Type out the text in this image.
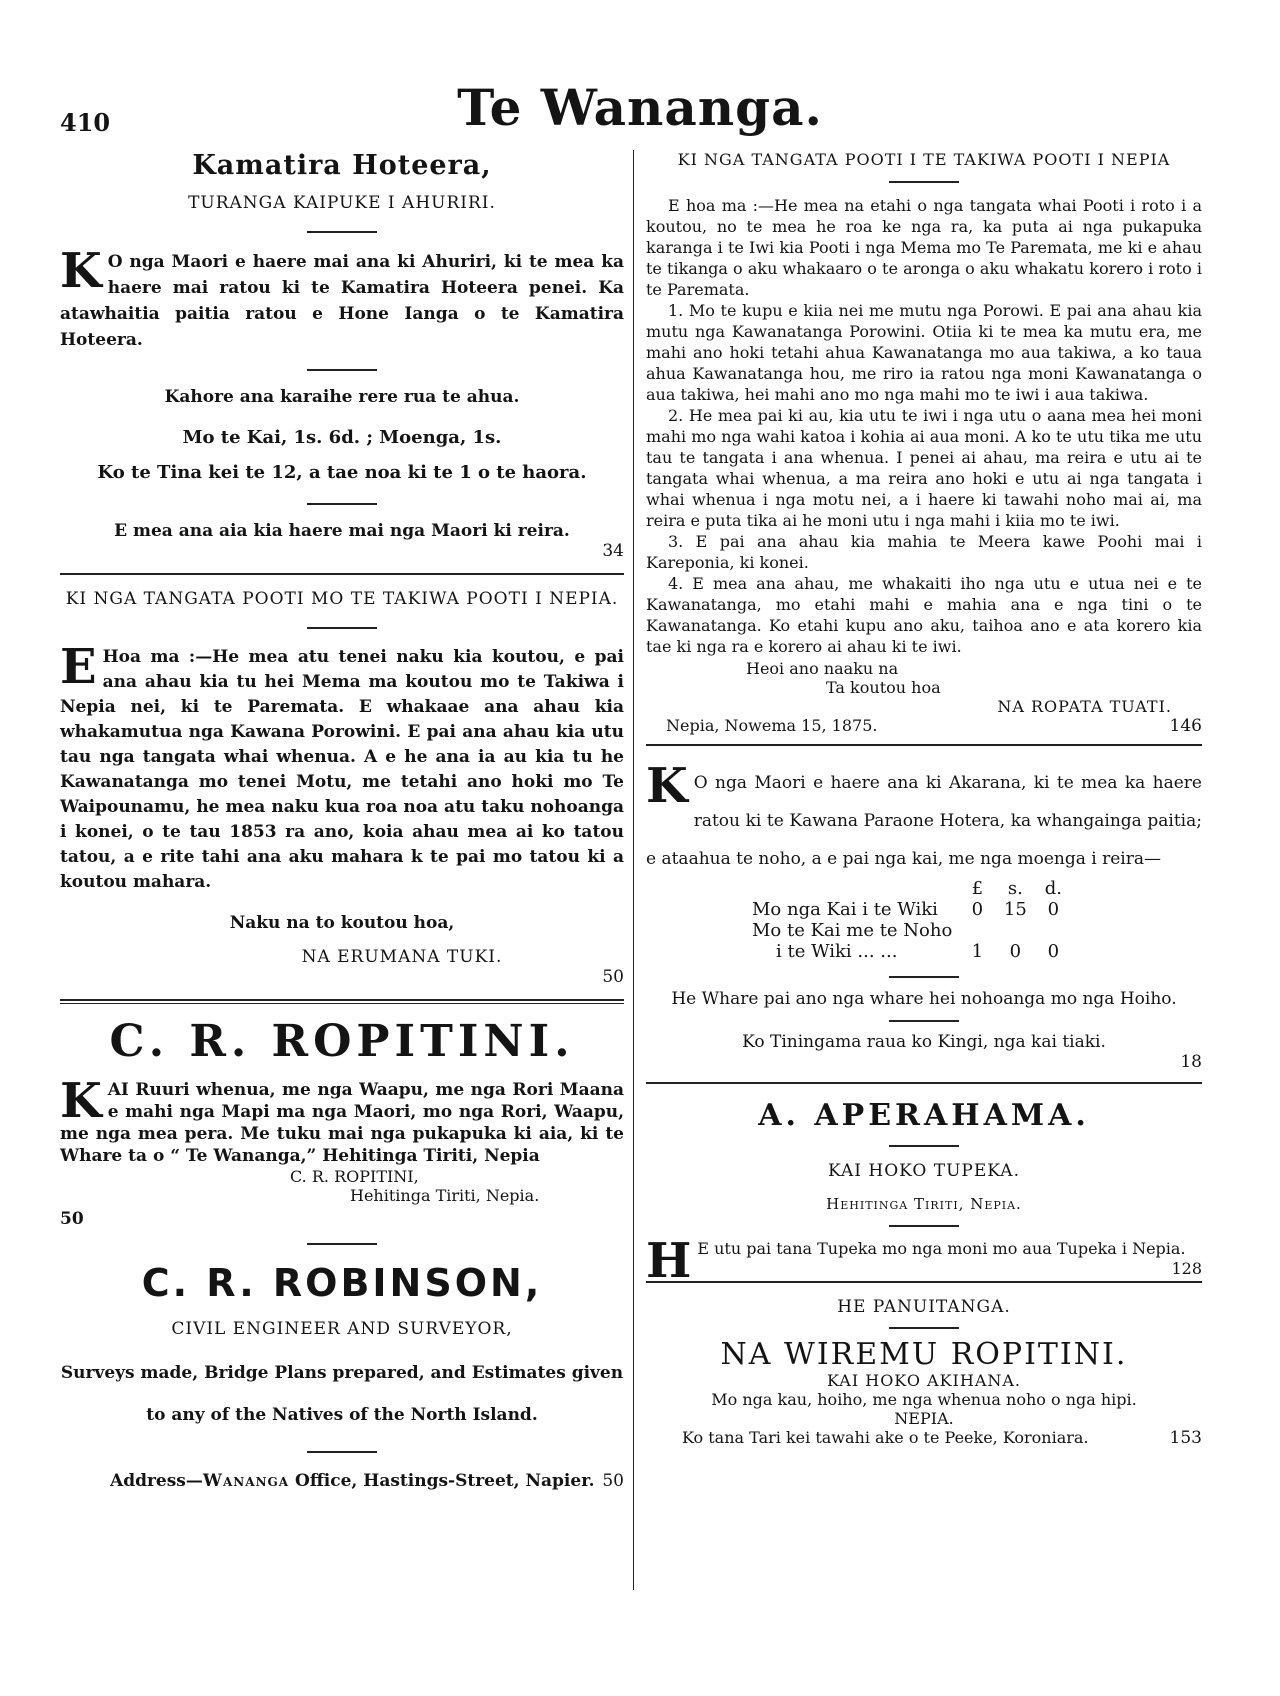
410	Te Wananga.
Kamatira Hoteera,
TURANGA KAIPUKE I AHURIRI.
K O nga Maori e haere mai ana ki Ahuriri, ki te mea ka haere mai ratou ki te Kamatira Hoteera penei. Ka atawhaitia paitia ratou e Hone Ianga o te Kamatira Hoteera.

Kahore ana karaihe rere rua te ahua.

Mo te Kai, 1s. 6d. ; Moenga, 1s.

Ko te Tina kei te 12, a tae noa ki te 1 o te haora.

E mea ana aia kia haere mai nga Maori ki reira.

34

KI NGA TANGATA POOTI MO TE TAKIWA POOTI I NEPIA.
E Hoa ma :—He mea atu tenei naku kia koutou, e pai ana ahau kia tu hei Mema ma koutou mo te Takiwa i Nepia nei, ki te Paremata. E whakaae ana ahau kia whakamutua nga Kawana Porowini. E pai ana ahau kia utu tau nga tangata whai whenua. A e he ana ia au kia tu he Kawanatanga mo tenei Motu, me tetahi ano hoki mo Te Waipounamu, he mea naku kua roa noa atu taku nohoanga i konei, o te tau 1853 ra ano, koia ahau mea ai ko tatou tatou, a e rite tahi ana aku mahara k te pai mo tatou ki a koutou mahara.

Naku na to koutou hoa,

NA ERUMANA TUKI.

50

C. R. ROPITINI.
KAI Ruuri whenua, me nga Waapu, me nga Rori Maana e mahi nga Mapi ma nga Maori, mo nga Rori, Waapu, me nga mea pera. Me tuku mai nga pukapuka ki aia, ki te Whare ta o “ Te Wananga,” Hehitinga Tiriti, Nepia

C. R. ROPITINI,

Hehitinga Tiriti, Nepia.

50

C. R. ROBINSON,
CIVIL ENGINEER AND SURVEYOR,

Surveys made, Bridge Plans prepared, and Estimates given

to any of the Natives of the North Island.

Address—Wananga Office, Hastings-Street, Napier. 50
KI NGA TANGATA POOTI I TE TAKIWA POOTI I NEPIA

E hoa ma :—He mea na etahi o nga tangata whai Pooti i roto i a koutou, no te mea he roa ke nga ra, ka puta ai nga pukapuka karanga i te Iwi kia Pooti i nga Mema mo Te Paremata, me ki e ahau te tikanga o aku whakaaro o te aronga o aku whakatu korero i roto i te Paremata.

1. Mo te kupu e kiia nei me mutu nga Porowi. E pai ana ahau kia mutu nga Kawanatanga Porowini. Otiia ki te mea ka mutu era, me mahi ano hoki tetahi ahua Kawanatanga mo aua takiwa, a ko taua ahua Kawanatanga hou, me riro ia ratou nga moni Kawanatanga o aua takiwa, hei mahi ano mo nga mahi mo te iwi i aua takiwa.

2. He mea pai ki au, kia utu te iwi i nga utu o aana mea hei moni mahi mo nga wahi katoa i kohia ai aua moni. A ko te utu tika me utu tau te tangata i ana whenua. I penei ai ahau, ma reira e utu ai te tangata whai whenua, a ma reira ano hoki e utu ai nga tangata i whai whenua i nga motu nei, a i haere ki tawahi noho mai ai, ma reira e puta tika ai he moni utu i nga mahi i kiia mo te iwi.

3. E pai ana ahau kia mahia te Meera kawe Poohi mai i Kareponia, ki konei.

4. E mea ana ahau, me whakaiti iho nga utu e utua nei e te Kawanatanga, mo etahi mahi e mahia ana e nga tini o te Kawanatanga. Ko etahi kupu ano aku, taihoa ano e ata korero kia tae ki nga ra e korero ai ahau ki te iwi.

Heoi ano naaku na

Ta koutou hoa

NA ROPATA TUATI.

Nepia, Nowema 15, 1875.	146
K O nga Maori e haere ana ki Akarana, ki te mea ka haere ratou ki te Kawana Paraone Hotera, ka whangainga paitia; e ataahua te noho, a e pai nga kai, me nga moenga i reira—
	£	s.	d.
Mo nga Kai i te Wiki	0	15	0
Mo te Kai me te Noho			
i te Wiki ... ...	1	0	0

He Whare pai ano nga whare hei nohoanga mo nga Hoiho.

Ko Tiningama raua ko Kingi, nga kai tiaki.

18

A. APERAHAMA.
KAI HOKO TUPEKA.
Hehitinga Tiriti, Nepia.
H E utu pai tana Tupeka mo nga moni mo aua Tupeka i Nepia.
128
HE PANUITANGA.
NA WIREMU ROPITINI.
KAI HOKO AKIHANA.

Mo nga kau, hoiho, me nga whenua noho o nga hipi.

NEPIA.

Ko tana Tari kei tawahi ake o te Peeke, Koroniara.	153
